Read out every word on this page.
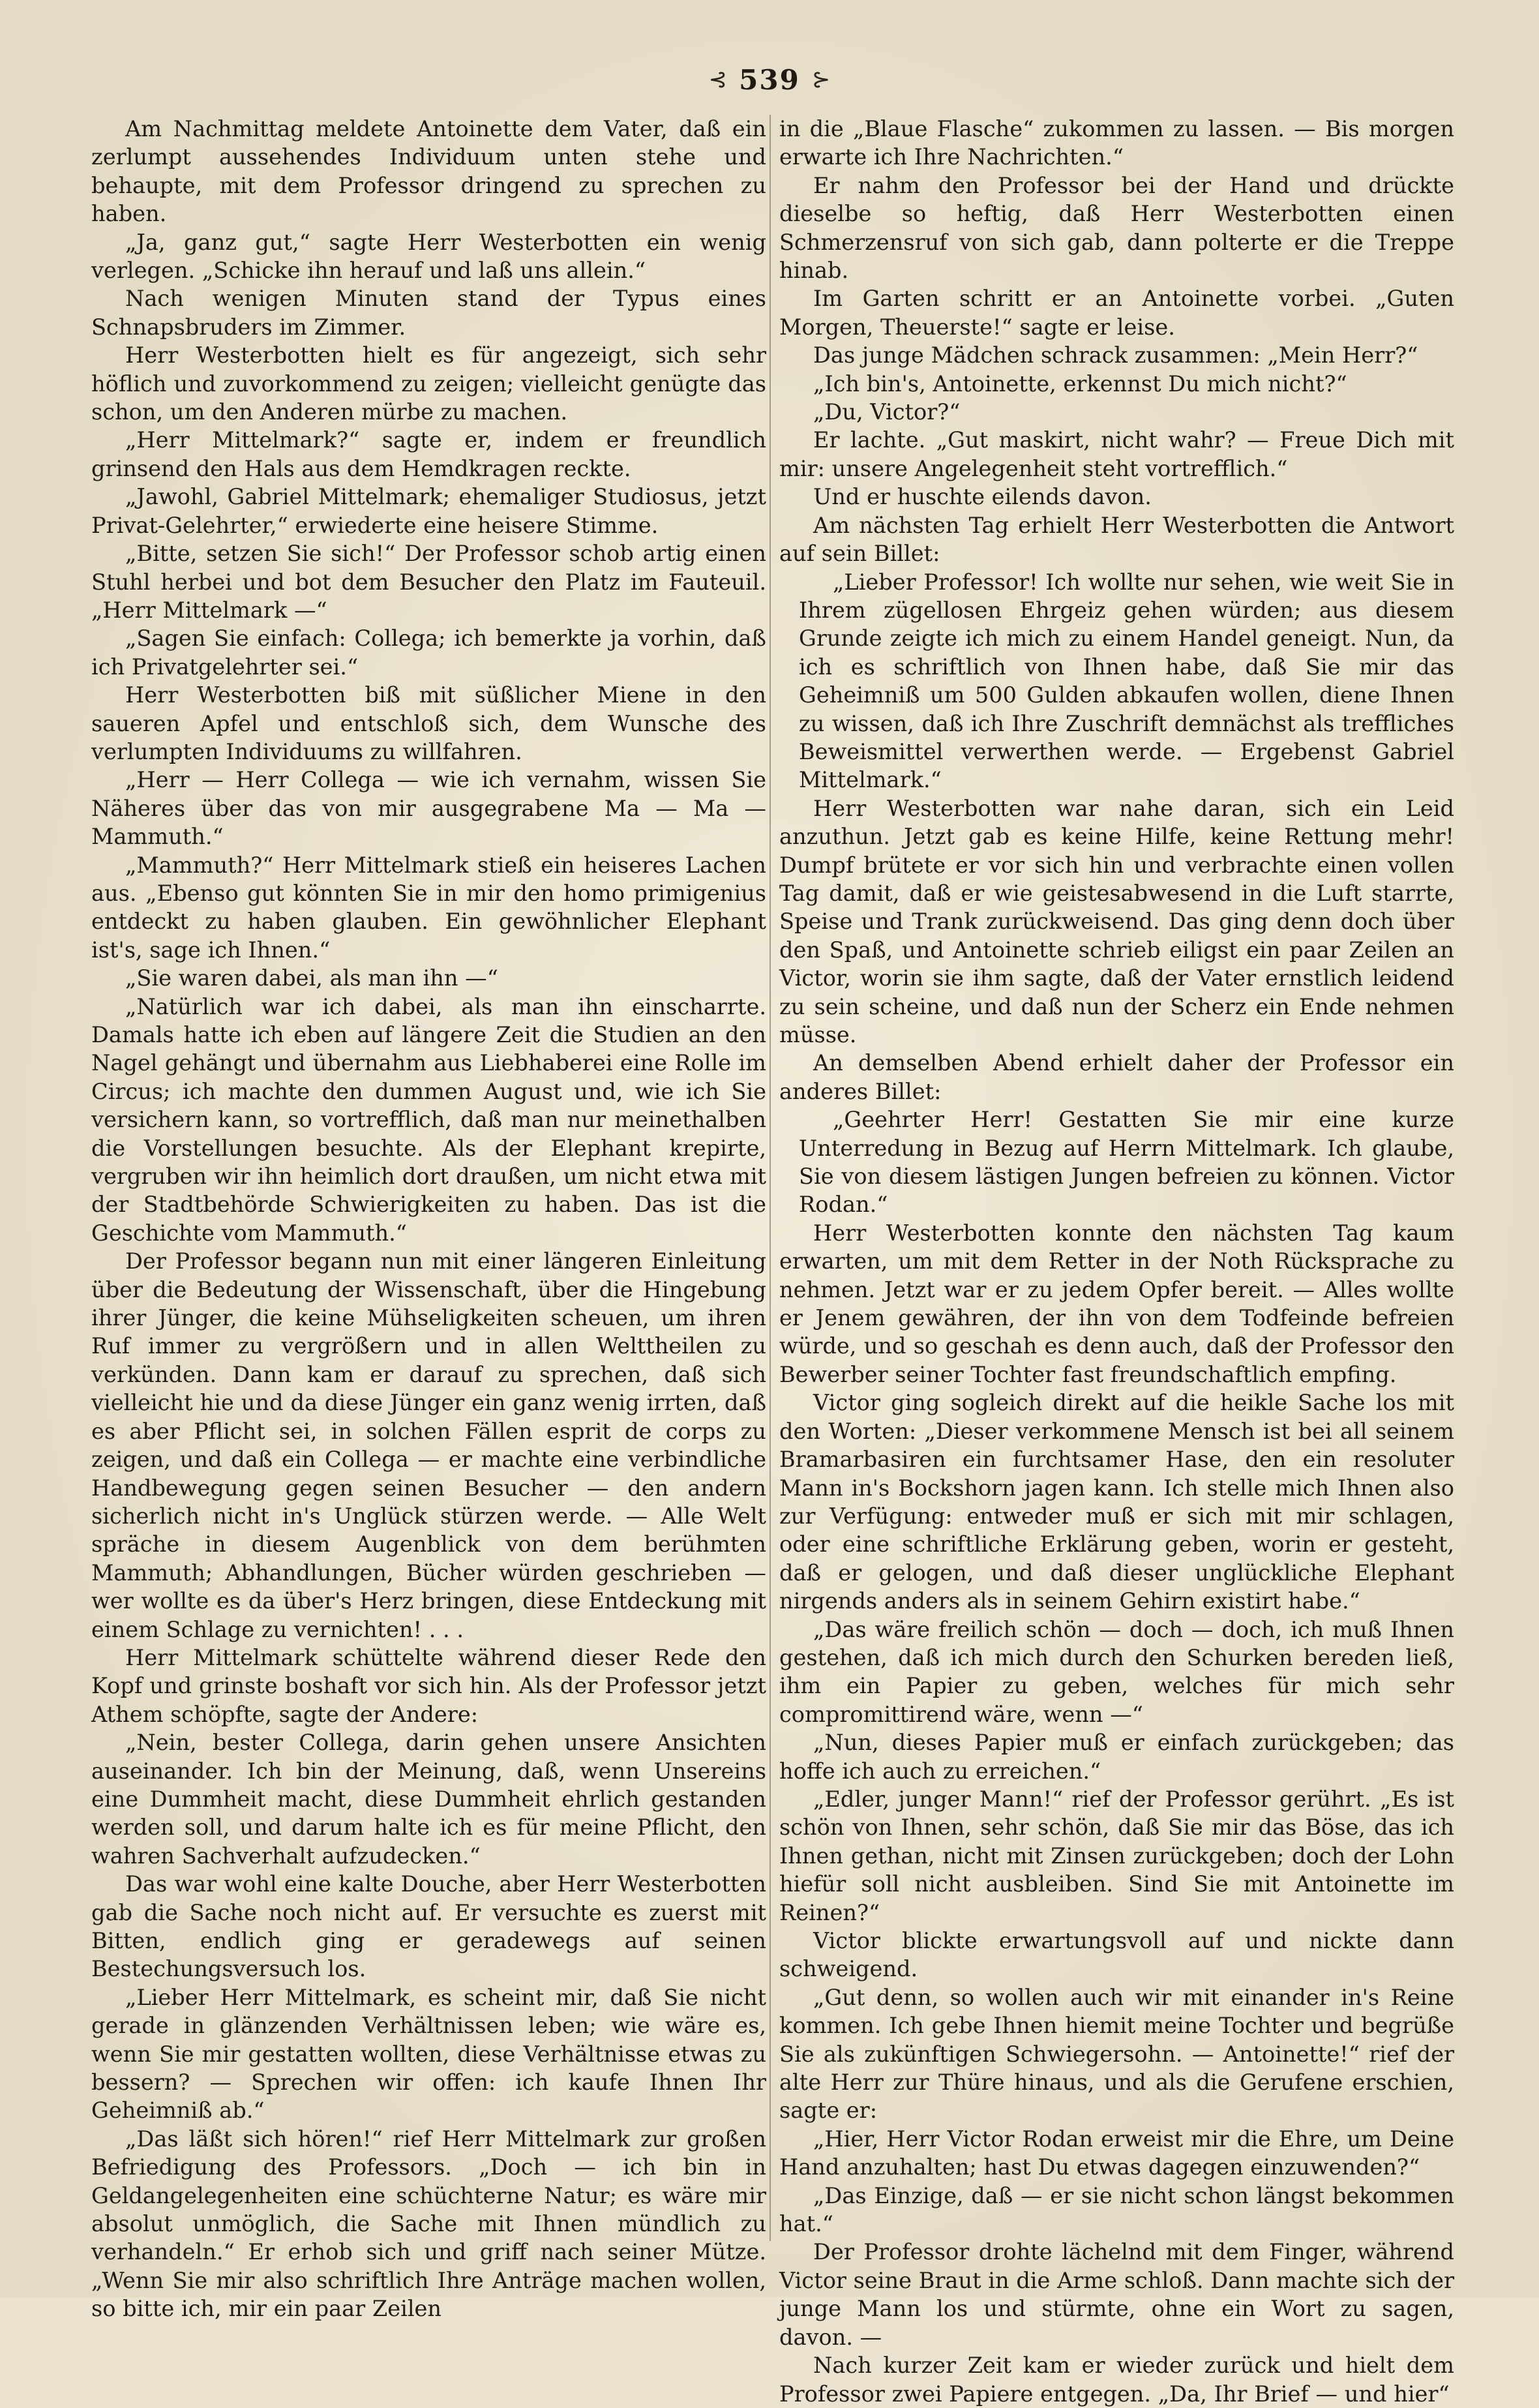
⊰ 539 ⊱

Am Nachmittag meldete Antoinette dem Vater, daß ein zerlumpt aussehendes Individuum unten stehe und behaupte, mit dem Professor dringend zu sprechen zu haben.

„Ja, ganz gut,“ sagte Herr Westerbotten ein wenig verlegen. „Schicke ihn herauf und laß uns allein.“

Nach wenigen Minuten stand der Typus eines Schnapsbruders im Zimmer.

Herr Westerbotten hielt es für angezeigt, sich sehr höflich und zuvorkommend zu zeigen; vielleicht genügte das schon, um den Anderen mürbe zu machen.

„Herr Mittelmark?“ sagte er, indem er freundlich grinsend den Hals aus dem Hemdkragen reckte.

„Jawohl, Gabriel Mittelmark; ehemaliger Studiosus, jetzt Privat-Gelehrter,“ erwiederte eine heisere Stimme.

„Bitte, setzen Sie sich!“ Der Professor schob artig einen Stuhl herbei und bot dem Besucher den Platz im Fauteuil. „Herr Mittelmark —“

„Sagen Sie einfach: Collega; ich bemerkte ja vorhin, daß ich Privatgelehrter sei.“

Herr Westerbotten biß mit süßlicher Miene in den saueren Apfel und entschloß sich, dem Wunsche des verlumpten Individuums zu willfahren.

„Herr — Herr Collega — wie ich vernahm, wissen Sie Näheres über das von mir ausgegrabene Ma — Ma — Mammuth.“

„Mammuth?“ Herr Mittelmark stieß ein heiseres Lachen aus. „Ebenso gut könnten Sie in mir den homo primigenius entdeckt zu haben glauben. Ein gewöhnlicher Elephant ist's, sage ich Ihnen.“

„Sie waren dabei, als man ihn —“

„Natürlich war ich dabei, als man ihn einscharrte. Damals hatte ich eben auf längere Zeit die Studien an den Nagel gehängt und übernahm aus Liebhaberei eine Rolle im Circus; ich machte den dummen August und, wie ich Sie versichern kann, so vortrefflich, daß man nur meinethalben die Vorstellungen besuchte. Als der Elephant krepirte, vergruben wir ihn heimlich dort draußen, um nicht etwa mit der Stadtbehörde Schwierigkeiten zu haben. Das ist die Geschichte vom Mammuth.“

Der Professor begann nun mit einer längeren Einleitung über die Bedeutung der Wissenschaft, über die Hingebung ihrer Jünger, die keine Mühseligkeiten scheuen, um ihren Ruf immer zu vergrößern und in allen Welttheilen zu verkünden. Dann kam er darauf zu sprechen, daß sich vielleicht hie und da diese Jünger ein ganz wenig irrten, daß es aber Pflicht sei, in solchen Fällen esprit de corps zu zeigen, und daß ein Collega — er machte eine verbindliche Handbewegung gegen seinen Besucher — den andern sicherlich nicht in's Unglück stürzen werde. — Alle Welt spräche in diesem Augenblick von dem berühmten Mammuth; Abhandlungen, Bücher würden geschrieben — wer wollte es da über's Herz bringen, diese Entdeckung mit einem Schlage zu vernichten! . . .

Herr Mittelmark schüttelte während dieser Rede den Kopf und grinste boshaft vor sich hin. Als der Professor jetzt Athem schöpfte, sagte der Andere:

„Nein, bester Collega, darin gehen unsere Ansichten auseinander. Ich bin der Meinung, daß, wenn Unsereins eine Dummheit macht, diese Dummheit ehrlich gestanden werden soll, und darum halte ich es für meine Pflicht, den wahren Sachverhalt aufzudecken.“

Das war wohl eine kalte Douche, aber Herr Westerbotten gab die Sache noch nicht auf. Er versuchte es zuerst mit Bitten, endlich ging er geradewegs auf seinen Bestechungsversuch los.

„Lieber Herr Mittelmark, es scheint mir, daß Sie nicht gerade in glänzenden Verhältnissen leben; wie wäre es, wenn Sie mir gestatten wollten, diese Verhältnisse etwas zu bessern? — Sprechen wir offen: ich kaufe Ihnen Ihr Geheimniß ab.“

„Das läßt sich hören!“ rief Herr Mittelmark zur großen Befriedigung des Professors. „Doch — ich bin in Geldangelegenheiten eine schüchterne Natur; es wäre mir absolut unmöglich, die Sache mit Ihnen mündlich zu verhandeln.“ Er erhob sich und griff nach seiner Mütze. „Wenn Sie mir also schriftlich Ihre Anträge machen wollen, so bitte ich, mir ein paar Zeilen

in die „Blaue Flasche“ zukommen zu lassen. — Bis morgen erwarte ich Ihre Nachrichten.“

Er nahm den Professor bei der Hand und drückte dieselbe so heftig, daß Herr Westerbotten einen Schmerzensruf von sich gab, dann polterte er die Treppe hinab.

Im Garten schritt er an Antoinette vorbei. „Guten Morgen, Theuerste!“ sagte er leise.

Das junge Mädchen schrack zusammen: „Mein Herr?“

„Ich bin's, Antoinette, erkennst Du mich nicht?“

„Du, Victor?“

Er lachte. „Gut maskirt, nicht wahr? — Freue Dich mit mir: unsere Angelegenheit steht vortrefflich.“

Und er huschte eilends davon.

Am nächsten Tag erhielt Herr Westerbotten die Antwort auf sein Billet:

„Lieber Professor! Ich wollte nur sehen, wie weit Sie in Ihrem zügellosen Ehrgeiz gehen würden; aus diesem Grunde zeigte ich mich zu einem Handel geneigt. Nun, da ich es schriftlich von Ihnen habe, daß Sie mir das Geheimniß um 500 Gulden abkaufen wollen, diene Ihnen zu wissen, daß ich Ihre Zuschrift demnächst als treffliches Beweismittel verwerthen werde. — Ergebenst Gabriel Mittelmark.“

Herr Westerbotten war nahe daran, sich ein Leid anzuthun. Jetzt gab es keine Hilfe, keine Rettung mehr! Dumpf brütete er vor sich hin und verbrachte einen vollen Tag damit, daß er wie geistesabwesend in die Luft starrte, Speise und Trank zurückweisend. Das ging denn doch über den Spaß, und Antoinette schrieb eiligst ein paar Zeilen an Victor, worin sie ihm sagte, daß der Vater ernstlich leidend zu sein scheine, und daß nun der Scherz ein Ende nehmen müsse.

An demselben Abend erhielt daher der Professor ein anderes Billet:

„Geehrter Herr! Gestatten Sie mir eine kurze Unterredung in Bezug auf Herrn Mittelmark. Ich glaube, Sie von diesem lästigen Jungen befreien zu können. Victor Rodan.“

Herr Westerbotten konnte den nächsten Tag kaum erwarten, um mit dem Retter in der Noth Rücksprache zu nehmen. Jetzt war er zu jedem Opfer bereit. — Alles wollte er Jenem gewähren, der ihn von dem Todfeinde befreien würde, und so geschah es denn auch, daß der Professor den Bewerber seiner Tochter fast freundschaftlich empfing.

Victor ging sogleich direkt auf die heikle Sache los mit den Worten: „Dieser verkommene Mensch ist bei all seinem Bramarbasiren ein furchtsamer Hase, den ein resoluter Mann in's Bockshorn jagen kann. Ich stelle mich Ihnen also zur Verfügung: entweder muß er sich mit mir schlagen, oder eine schriftliche Erklärung geben, worin er gesteht, daß er gelogen, und daß dieser unglückliche Elephant nirgends anders als in seinem Gehirn existirt habe.“

„Das wäre freilich schön — doch — doch, ich muß Ihnen gestehen, daß ich mich durch den Schurken bereden ließ, ihm ein Papier zu geben, welches für mich sehr compromittirend wäre, wenn —“

„Nun, dieses Papier muß er einfach zurückgeben; das hoffe ich auch zu erreichen.“

„Edler, junger Mann!“ rief der Professor gerührt. „Es ist schön von Ihnen, sehr schön, daß Sie mir das Böse, das ich Ihnen gethan, nicht mit Zinsen zurückgeben; doch der Lohn hiefür soll nicht ausbleiben. Sind Sie mit Antoinette im Reinen?“

Victor blickte erwartungsvoll auf und nickte dann schweigend.

„Gut denn, so wollen auch wir mit einander in's Reine kommen. Ich gebe Ihnen hiemit meine Tochter und begrüße Sie als zukünftigen Schwiegersohn. — Antoinette!“ rief der alte Herr zur Thüre hinaus, und als die Gerufene erschien, sagte er:

„Hier, Herr Victor Rodan erweist mir die Ehre, um Deine Hand anzuhalten; hast Du etwas dagegen einzuwenden?“

„Das Einzige, daß — er sie nicht schon längst bekommen hat.“

Der Professor drohte lächelnd mit dem Finger, während Victor seine Braut in die Arme schloß. Dann machte sich der junge Mann los und stürmte, ohne ein Wort zu sagen, davon. —

Nach kurzer Zeit kam er wieder zurück und hielt dem Professor zwei Papiere entgegen. „Da, Ihr Brief — und hier“
